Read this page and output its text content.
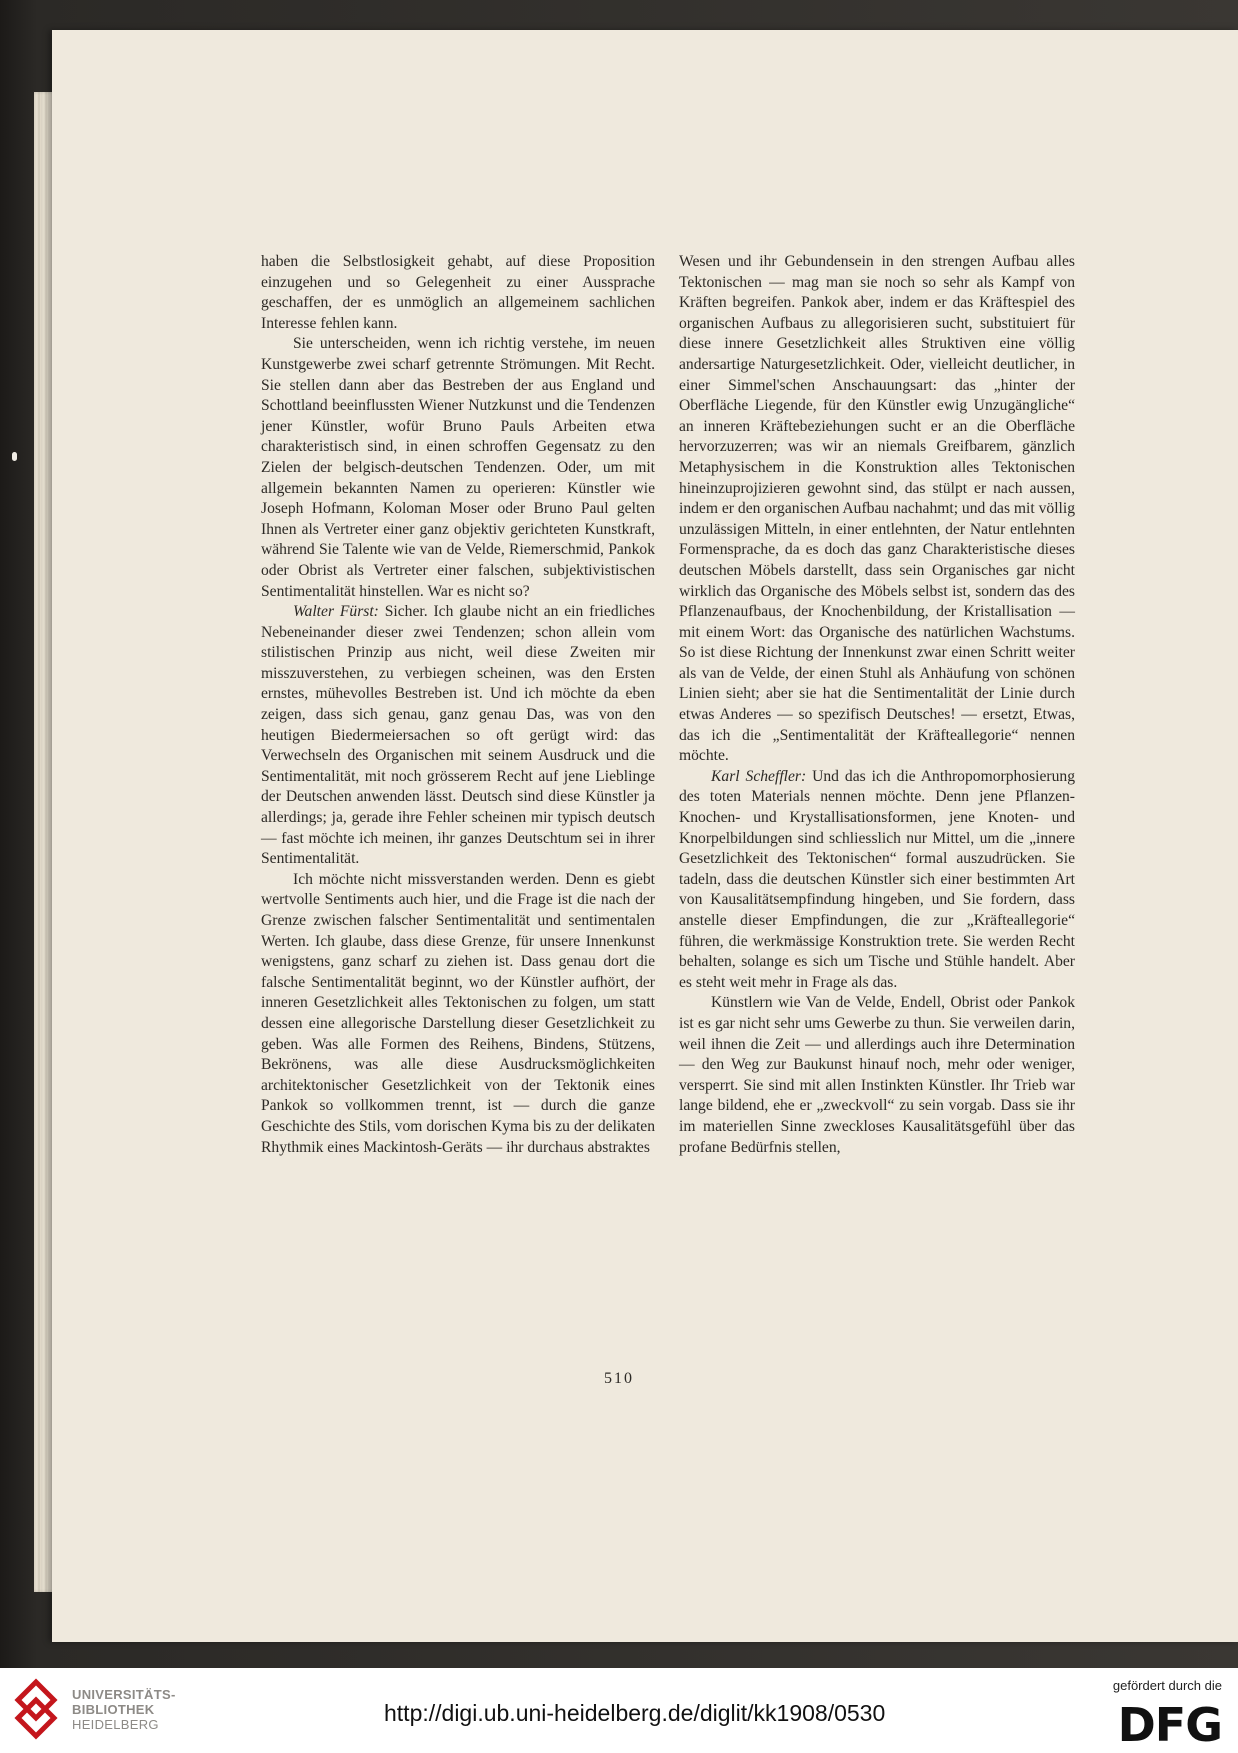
haben die Selbstlosigkeit gehabt, auf diese Proposition einzugehen und so Gelegenheit zu einer Aussprache geschaffen, der es unmöglich an allgemeinem sachlichen Interesse fehlen kann.

Sie unterscheiden, wenn ich richtig verstehe, im neuen Kunstgewerbe zwei scharf getrennte Strömungen. Mit Recht. Sie stellen dann aber das Bestreben der aus England und Schottland beeinflussten Wiener Nutzkunst und die Tendenzen jener Künstler, wofür Bruno Pauls Arbeiten etwa charakteristisch sind, in einen schroffen Gegensatz zu den Zielen der belgisch-deutschen Tendenzen. Oder, um mit allgemein bekannten Namen zu operieren: Künstler wie Joseph Hofmann, Koloman Moser oder Bruno Paul gelten Ihnen als Vertreter einer ganz objektiv gerichteten Kunstkraft, während Sie Talente wie van de Velde, Riemerschmid, Pankok oder Obrist als Vertreter einer falschen, subjektivistischen Sentimentalität hinstellen. War es nicht so?

Walter Fürst: Sicher. Ich glaube nicht an ein friedliches Nebeneinander dieser zwei Tendenzen; schon allein vom stilistischen Prinzip aus nicht, weil diese Zweiten mir misszuverstehen, zu verbiegen scheinen, was den Ersten ernstes, mühevolles Bestreben ist. Und ich möchte da eben zeigen, dass sich genau, ganz genau Das, was von den heutigen Biedermeiersachen so oft gerügt wird: das Verwechseln des Organischen mit seinem Ausdruck und die Sentimentalität, mit noch grösserem Recht auf jene Lieblinge der Deutschen anwenden lässt. Deutsch sind diese Künstler ja allerdings; ja, gerade ihre Fehler scheinen mir typisch deutsch — fast möchte ich meinen, ihr ganzes Deutschtum sei in ihrer Sentimentalität.

Ich möchte nicht missverstanden werden. Denn es giebt wertvolle Sentiments auch hier, und die Frage ist die nach der Grenze zwischen falscher Sentimentalität und sentimentalen Werten. Ich glaube, dass diese Grenze, für unsere Innenkunst wenigstens, ganz scharf zu ziehen ist. Dass genau dort die falsche Sentimentalität beginnt, wo der Künstler aufhört, der inneren Gesetzlichkeit alles Tektonischen zu folgen, um statt dessen eine allegorische Darstellung dieser Gesetzlichkeit zu geben. Was alle Formen des Reihens, Bindens, Stützens, Bekrönens, was alle diese Ausdrucksmöglichkeiten architektonischer Gesetzlichkeit von der Tektonik eines Pankok so vollkommen trennt, ist — durch die ganze Geschichte des Stils, vom dorischen Kyma bis zu der delikaten Rhythmik eines Mackintosh-Geräts — ihr durchaus abstraktes

Wesen und ihr Gebundensein in den strengen Aufbau alles Tektonischen — mag man sie noch so sehr als Kampf von Kräften begreifen. Pankok aber, indem er das Kräftespiel des organischen Aufbaus zu allegorisieren sucht, substituiert für diese innere Gesetzlichkeit alles Struktiven eine völlig andersartige Naturgesetzlichkeit. Oder, vielleicht deutlicher, in einer Simmel'schen Anschauungsart: das „hinter der Oberfläche Liegende, für den Künstler ewig Unzugängliche“ an inneren Kräftebeziehungen sucht er an die Oberfläche hervorzuzerren; was wir an niemals Greifbarem, gänzlich Metaphysischem in die Konstruktion alles Tektonischen hineinzuprojizieren gewohnt sind, das stülpt er nach aussen, indem er den organischen Aufbau nachahmt; und das mit völlig unzulässigen Mitteln, in einer entlehnten, der Natur entlehnten Formensprache, da es doch das ganz Charakteristische dieses deutschen Möbels darstellt, dass sein Organisches gar nicht wirklich das Organische des Möbels selbst ist, sondern das des Pflanzenaufbaus, der Knochenbildung, der Kristallisation — mit einem Wort: das Organische des natürlichen Wachstums. So ist diese Richtung der Innenkunst zwar einen Schritt weiter als van de Velde, der einen Stuhl als Anhäufung von schönen Linien sieht; aber sie hat die Sentimentalität der Linie durch etwas Anderes — so spezifisch Deutsches! — ersetzt, Etwas, das ich die „Sentimentalität der Kräfteallegorie“ nennen möchte.

Karl Scheffler: Und das ich die Anthropomorphosierung des toten Materials nennen möchte. Denn jene Pflanzen-Knochen- und Krystallisationsformen, jene Knoten- und Knorpelbildungen sind schliesslich nur Mittel, um die „innere Gesetzlichkeit des Tektonischen“ formal auszudrücken. Sie tadeln, dass die deutschen Künstler sich einer bestimmten Art von Kausalitätsempfindung hingeben, und Sie fordern, dass anstelle dieser Empfindungen, die zur „Kräfteallegorie“ führen, die werkmässige Konstruktion trete. Sie werden Recht behalten, solange es sich um Tische und Stühle handelt. Aber es steht weit mehr in Frage als das.

Künstlern wie Van de Velde, Endell, Obrist oder Pankok ist es gar nicht sehr ums Gewerbe zu thun. Sie verweilen darin, weil ihnen die Zeit — und allerdings auch ihre Determination — den Weg zur Baukunst hinauf noch, mehr oder weniger, versperrt. Sie sind mit allen Instinkten Künstler. Ihr Trieb war lange bildend, ehe er „zweckvoll“ zu sein vorgab. Dass sie ihr im materiellen Sinne zweckloses Kausalitätsgefühl über das profane Bedürfnis stellen,

510
UNIVERSITÄTS-
BIBLIOTHEK
HEIDELBERG	http://digi.ub.uni-heidelberg.de/diglit/kk1908/0530
gefördert durch die
DFG
